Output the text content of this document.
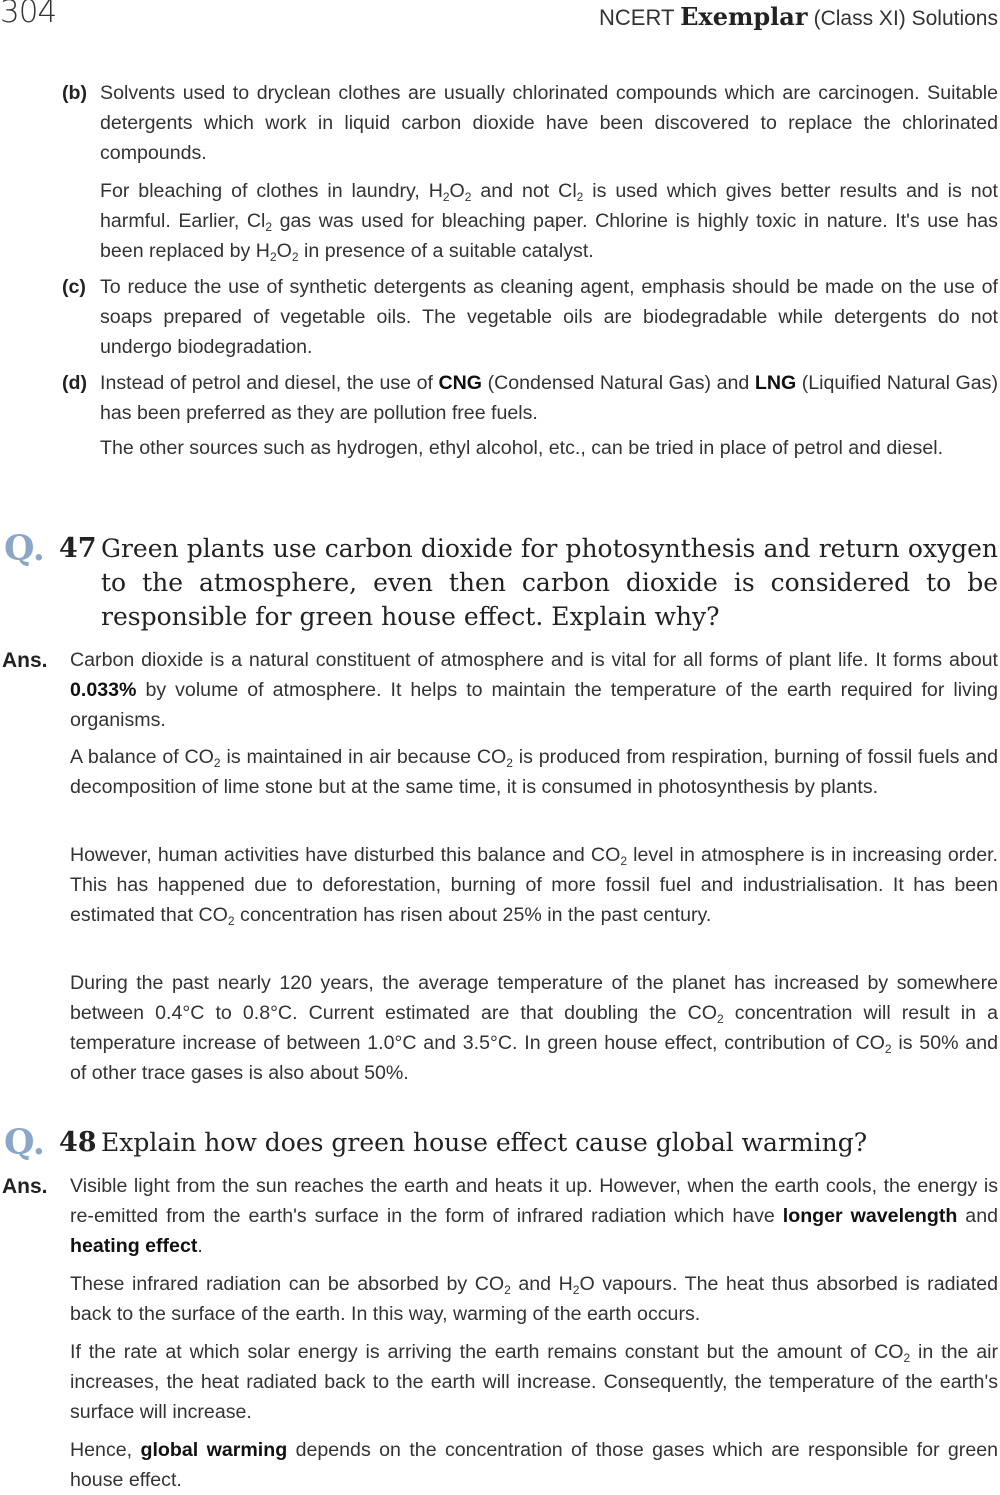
304	NCERT Exemplar (Class XI) Solutions
(b) Solvents used to dryclean clothes are usually chlorinated compounds which are carcinogen. Suitable detergents which work in liquid carbon dioxide have been discovered to replace the chlorinated compounds.

For bleaching of clothes in laundry, $H_2O_2$ and not $Cl_2$ is used which gives better results and is not harmful. Earlier, $Cl_2$ gas was used for bleaching paper. Chlorine is highly toxic in nature. It's use has been replaced by $H_2O_2$ in presence of a suitable catalyst.

(c) To reduce the use of synthetic detergents as cleaning agent, emphasis should be made on the use of soaps prepared of vegetable oils. The vegetable oils are biodegradable while detergents do not undergo biodegradation.

(d) Instead of petrol and diesel, the use of CNG (Condensed Natural Gas) and LNG (Liquified Natural Gas) has been preferred as they are pollution free fuels.

The other sources such as hydrogen, ethyl alcohol, etc., can be tried in place of petrol and diesel.

Q. 47 Green plants use carbon dioxide for photosynthesis and return oxygen to the atmosphere, even then carbon dioxide is considered to be responsible for green house effect. Explain why?

Ans. Carbon dioxide is a natural constituent of atmosphere and is vital for all forms of plant life. It forms about 0.033% by volume of atmosphere. It helps to maintain the temperature of the earth required for living organisms.

A balance of $CO_2$ is maintained in air because $CO_2$ is produced from respiration, burning of fossil fuels and decomposition of lime stone but at the same time, it is consumed in photosynthesis by plants.

However, human activities have disturbed this balance and $CO_2$ level in atmosphere is in increasing order. This has happened due to deforestation, burning of more fossil fuel and industrialisation. It has been estimated that $CO_2$ concentration has risen about 25% in the past century.

During the past nearly 120 years, the average temperature of the planet has increased by somewhere between 0.4°C to 0.8°C. Current estimated are that doubling the $CO_2$ concentration will result in a temperature increase of between 1.0°C and 3.5°C. In green house effect, contribution of $CO_2$ is 50% and of other trace gases is also about 50%.

Q. 48 Explain how does green house effect cause global warming?

Ans. Visible light from the sun reaches the earth and heats it up. However, when the earth cools, the energy is re-emitted from the earth's surface in the form of infrared radiation which have longer wavelength and heating effect.

These infrared radiation can be absorbed by $CO_2$ and $H_2O$ vapours. The heat thus absorbed is radiated back to the surface of the earth. In this way, warming of the earth occurs.

If the rate at which solar energy is arriving the earth remains constant but the amount of $CO_2$ in the air increases, the heat radiated back to the earth will increase. Consequently, the temperature of the earth's surface will increase.

Hence, global warming depends on the concentration of those gases which are responsible for green house effect.
